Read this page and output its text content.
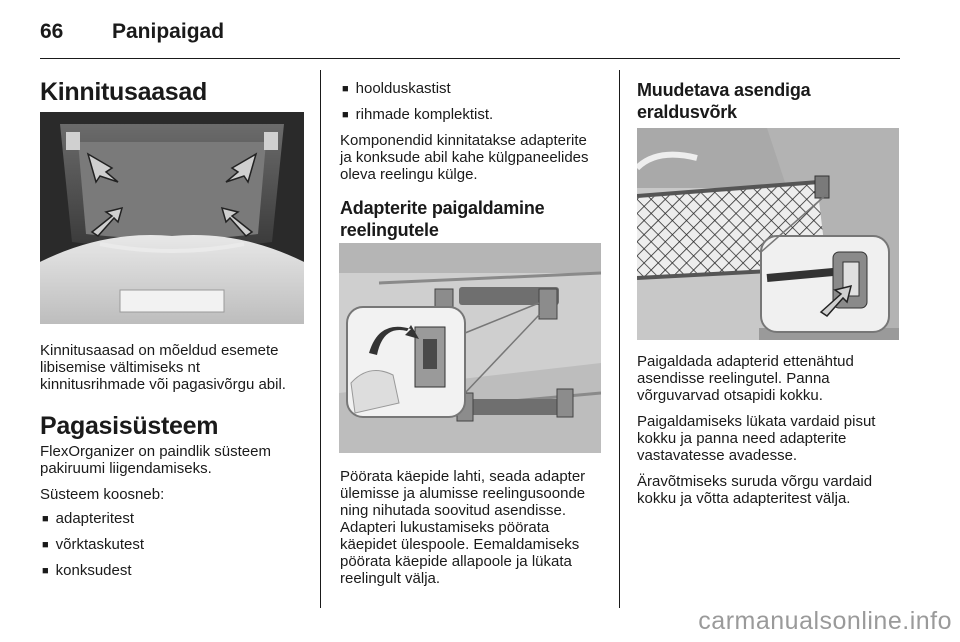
66 Panipaigad
Kinnitusaasad

Kinnitusaasad on mõeldud esemete

libisemise vältimiseks nt

kinnitusrihmade või pagasivõrgu abil.

Pagasisüsteem

FlexOrganizer on paindlik süsteem

pakiruumi liigendamiseks.

Süsteem koosneb:

■ adapteritest

■ võrktaskutest

■ konksudest

■ hoolduskastist

■ rihmade komplektist.

Komponendid kinnitatakse adapterite

ja konksude abil kahe külgpaneelides

oleva reelingu külge.

Adapterite paigaldamine
reelingutele

Pöörata käepide lahti, seada adapter

ülemisse ja alumisse reelingusoonde

ning nihutada soovitud asendisse.

Adapteri lukustamiseks pöörata

käepidet ülespoole. Eemaldamiseks

pöörata käepide allapoole ja lükata

reelingult välja.

Muudetava asendiga
eraldusvõrk

Paigaldada adapterid ettenähtud

asendisse reelingutel. Panna

võrguvarvad otsapidi kokku.

Paigaldamiseks lükata vardaid pisut

kokku ja panna need adapterite

vastavatesse avadesse.

Äravõtmiseks suruda võrgu vardaid

kokku ja võtta adapteritest välja.

carmanualsonline.info
